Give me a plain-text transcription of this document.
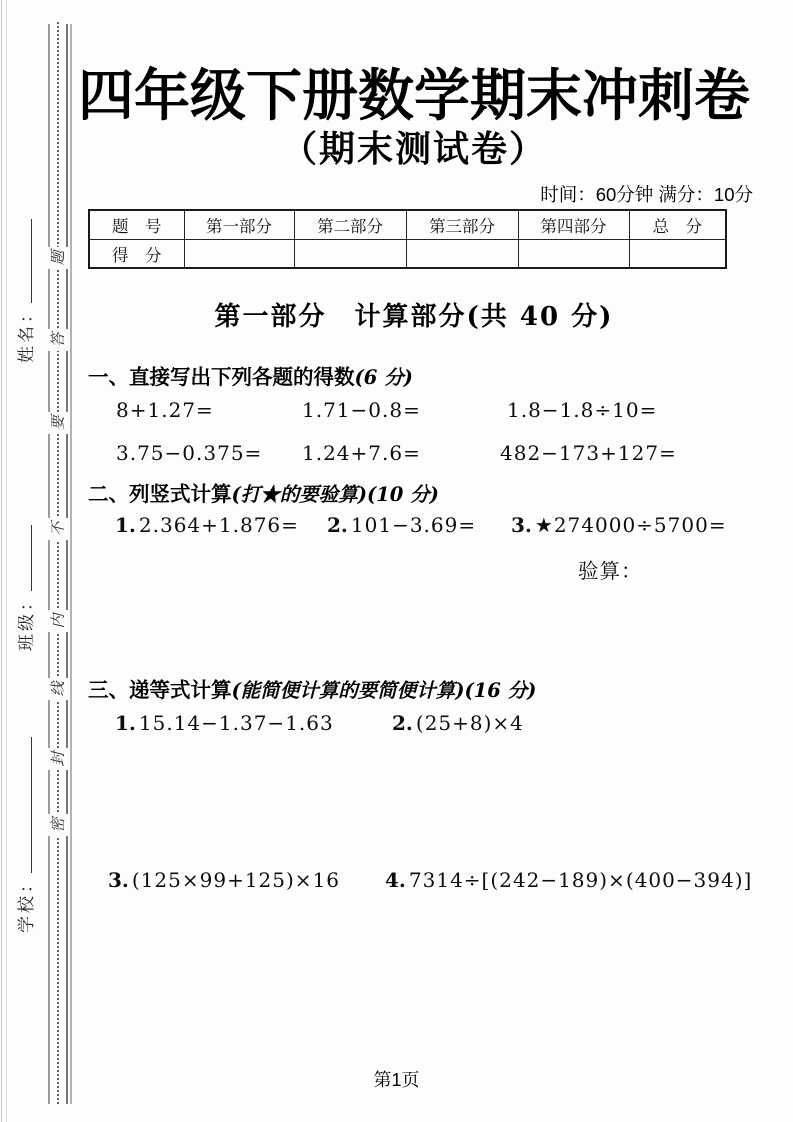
姓名：
班级：
学校：
题
答
要
不
内
线
封
密
四年级下册数学期末冲刺卷
（期末测试卷）
时间：60分钟 满分：10分
题　号	第一部分	第二部分	第三部分	第四部分	总　分
得　分					
第一部分　计算部分(共 40 分)
一、直接写出下列各题的得数(6 分)
8+1.27=	1.71−0.8=	1.8−1.8÷10=
3.75−0.375= 1.24+7.6=	482−173+127=
二、列竖式计算(打★的要验算)(10 分)
1. 2.364+1.876= 2. 101−3.69= 3. ★274000÷5700=
验算：
三、递等式计算(能简便计算的要简便计算)(16 分)
1. 15.14−1.37−1.63	2. (25+8)×4
3. (125×99+125)×16 4. 7314÷[(242−189)×(400−394)]
第1页
